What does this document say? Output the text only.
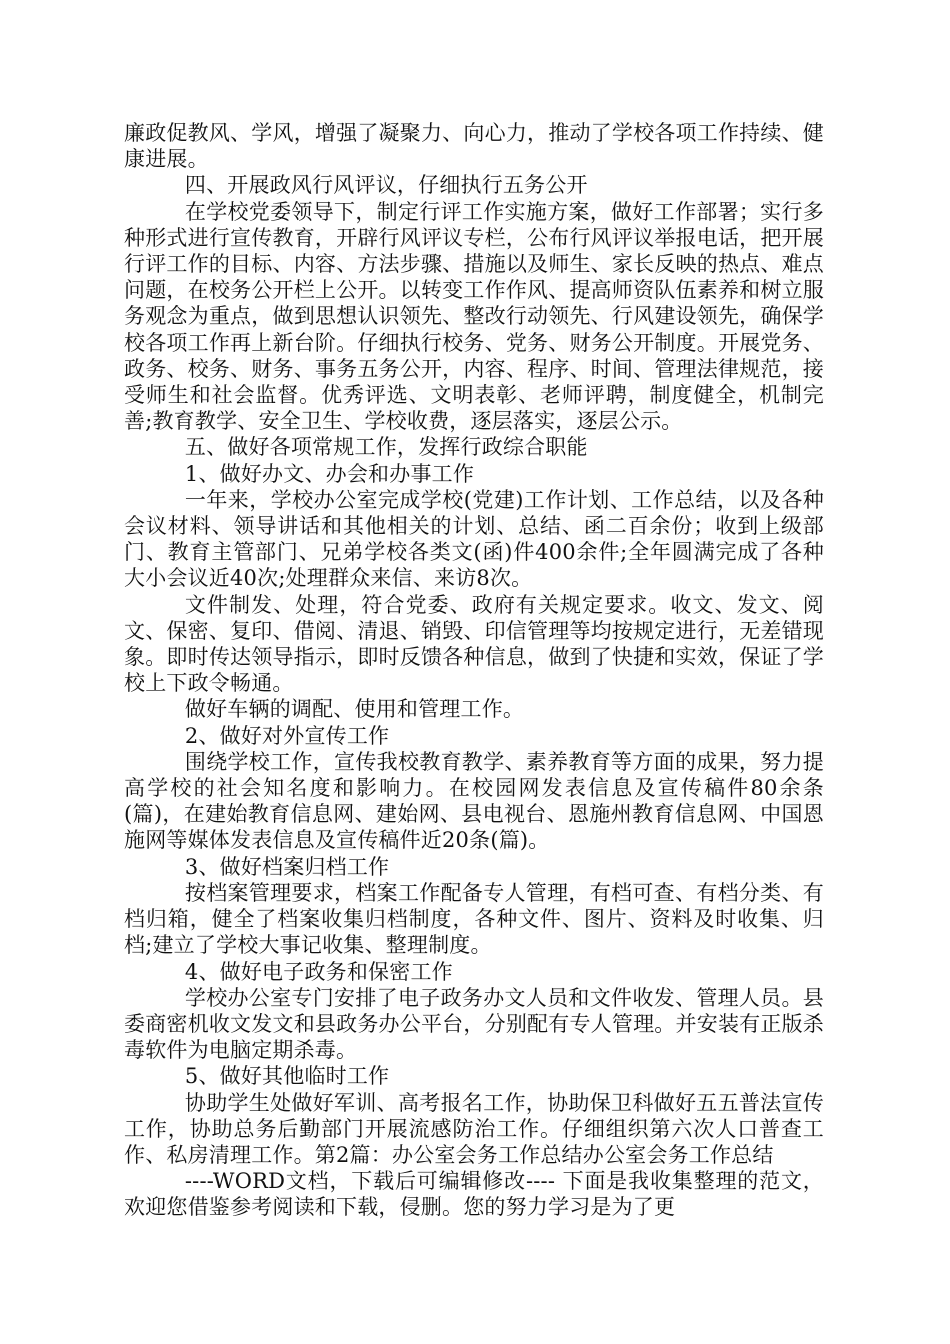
廉政促教风、学风，增强了凝聚力、向心力，推动了学校各项工作持续、健康进展。

四、开展政风行风评议，仔细执行五务公开

在学校党委领导下，制定行评工作实施方案，做好工作部署；实行多种形式进行宣传教育，开辟行风评议专栏，公布行风评议举报电话，把开展行评工作的目标、内容、方法步骤、措施以及师生、家长反映的热点、难点问题，在校务公开栏上公开。以转变工作作风、提高师资队伍素养和树立服务观念为重点，做到思想认识领先、整改行动领先、行风建设领先，确保学校各项工作再上新台阶。仔细执行校务、党务、财务公开制度。开展党务、政务、校务、财务、事务五务公开，内容、程序、时间、管理法律规范，接受师生和社会监督。优秀评选、文明表彰、老师评聘，制度健全，机制完善;教育教学、安全卫生、学校收费，逐层落实，逐层公示。

五、做好各项常规工作，发挥行政综合职能

1、做好办文、办会和办事工作

一年来，学校办公室完成学校(党建)工作计划、工作总结，以及各种会议材料、领导讲话和其他相关的计划、总结、函二百余份；收到上级部门、教育主管部门、兄弟学校各类文(函)件400余件;全年圆满完成了各种大小会议近40次;处理群众来信、来访8次。

文件制发、处理，符合党委、政府有关规定要求。收文、发文、阅文、保密、复印、借阅、清退、销毁、印信管理等均按规定进行，无差错现象。即时传达领导指示，即时反馈各种信息，做到了快捷和实效，保证了学校上下政令畅通。

做好车辆的调配、使用和管理工作。

2、做好对外宣传工作

围绕学校工作，宣传我校教育教学、素养教育等方面的成果，努力提高学校的社会知名度和影响力。在校园网发表信息及宣传稿件80余条(篇)，在建始教育信息网、建始网、县电视台、恩施州教育信息网、中国恩施网等媒体发表信息及宣传稿件近20条(篇)。

3、做好档案归档工作

按档案管理要求，档案工作配备专人管理，有档可查、有档分类、有档归箱，健全了档案收集归档制度，各种文件、图片、资料及时收集、归档;建立了学校大事记收集、整理制度。

4、做好电子政务和保密工作

学校办公室专门安排了电子政务办文人员和文件收发、管理人员。县委商密机收文发文和县政务办公平台，分别配有专人管理。并安装有正版杀毒软件为电脑定期杀毒。

5、做好其他临时工作

协助学生处做好军训、高考报名工作，协助保卫科做好五五普法宣传工作，协助总务后勤部门开展流感防治工作。仔细组织第六次人口普查工作、私房清理工作。第2篇：办公室会务工作总结办公室会务工作总结

----WORD文档，下载后可编辑修改---- 下面是我收集整理的范文，欢迎您借鉴参考阅读和下载，侵删。您的努力学习是为了更
